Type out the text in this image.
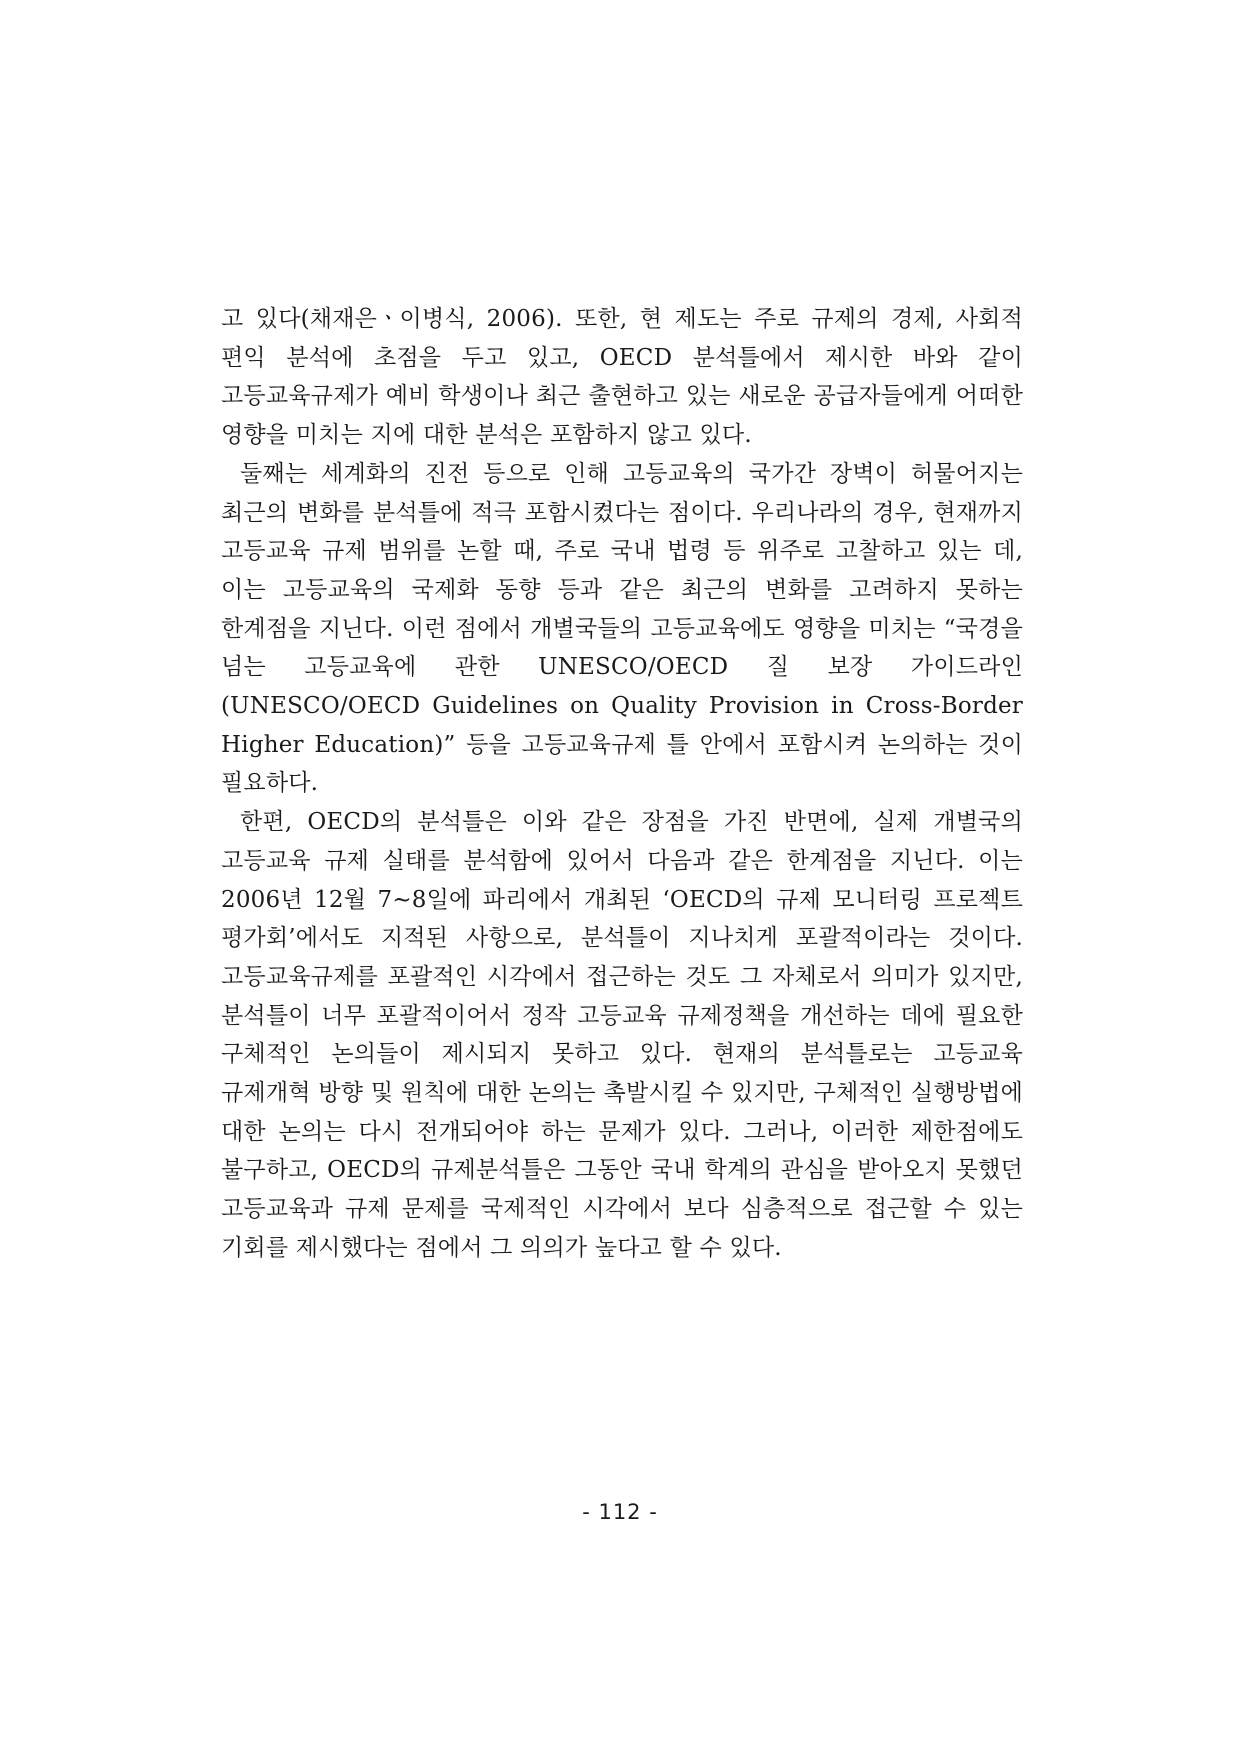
고 있다(채재은ㆍ이병식, 2006). 또한, 현 제도는 주로 규제의 경제, 사회적 편익 분석에 초점을 두고 있고, OECD 분석틀에서 제시한 바와 같이 고등교육규제가 예비 학생이나 최근 출현하고 있는 새로운 공급자들에게 어떠한 영향을 미치는 지에 대한 분석은 포함하지 않고 있다.

둘째는 세계화의 진전 등으로 인해 고등교육의 국가간 장벽이 허물어지는 최근의 변화를 분석틀에 적극 포함시켰다는 점이다. 우리나라의 경우, 현재까지 고등교육 규제 범위를 논할 때, 주로 국내 법령 등 위주로 고찰하고 있는 데, 이는 고등교육의 국제화 동향 등과 같은 최근의 변화를 고려하지 못하는 한계점을 지닌다. 이런 점에서 개별국들의 고등교육에도 영향을 미치는 “국경을 넘는 고등교육에 관한 UNESCO/OECD 질 보장 가이드라인(UNESCO/OECD Guidelines on Quality Provision in Cross-Border Higher Education)” 등을 고등교육규제 틀 안에서 포함시켜 논의하는 것이 필요하다.

한편, OECD의 분석틀은 이와 같은 장점을 가진 반면에, 실제 개별국의 고등교육 규제 실태를 분석함에 있어서 다음과 같은 한계점을 지닌다. 이는 2006년 12월 7∼8일에 파리에서 개최된 ‘OECD의 규제 모니터링 프로젝트 평가회’에서도 지적된 사항으로, 분석틀이 지나치게 포괄적이라는 것이다. 고등교육규제를 포괄적인 시각에서 접근하는 것도 그 자체로서 의미가 있지만, 분석틀이 너무 포괄적이어서 정작 고등교육 규제정책을 개선하는 데에 필요한 구체적인 논의들이 제시되지 못하고 있다. 현재의 분석틀로는 고등교육 규제개혁 방향 및 원칙에 대한 논의는 촉발시킬 수 있지만, 구체적인 실행방법에 대한 논의는 다시 전개되어야 하는 문제가 있다. 그러나, 이러한 제한점에도 불구하고, OECD의 규제분석틀은 그동안 국내 학계의 관심을 받아오지 못했던 고등교육과 규제 문제를 국제적인 시각에서 보다 심층적으로 접근할 수 있는 기회를 제시했다는 점에서 그 의의가 높다고 할 수 있다.

- 112 -
